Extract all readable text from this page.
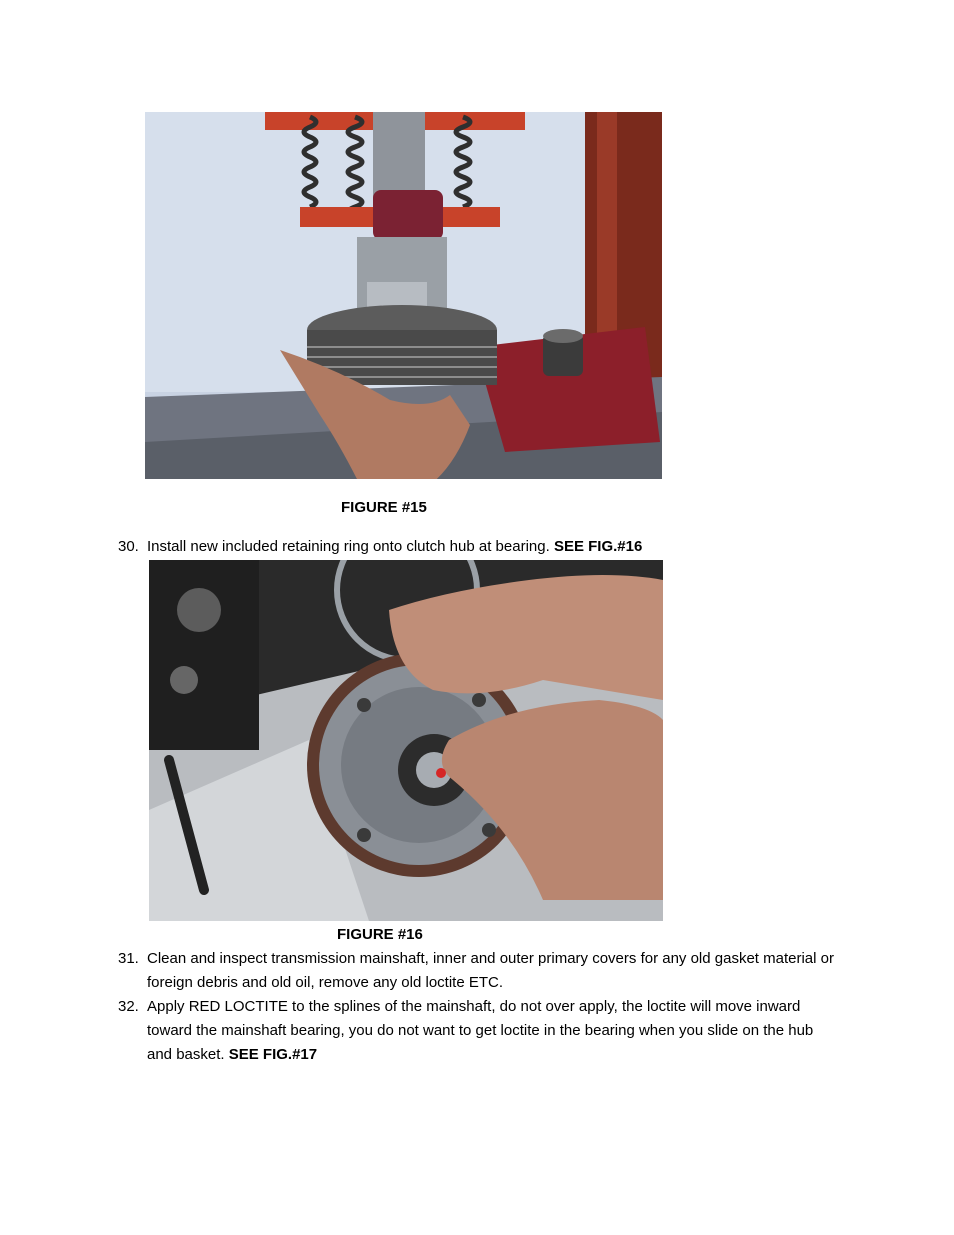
FIGURE #15
30. Install new included retaining ring onto clutch hub at bearing. SEE FIG.#16
FIGURE #16
31. Clean and inspect transmission mainshaft, inner and outer primary covers for any old gasket material or foreign debris and old oil, remove any old loctite ETC.
32. Apply RED LOCTITE to the splines of the mainshaft, do not over apply, the loctite will move inward toward the mainshaft bearing, you do not want to get loctite in the bearing when you slide on the hub and basket. SEE FIG.#17
